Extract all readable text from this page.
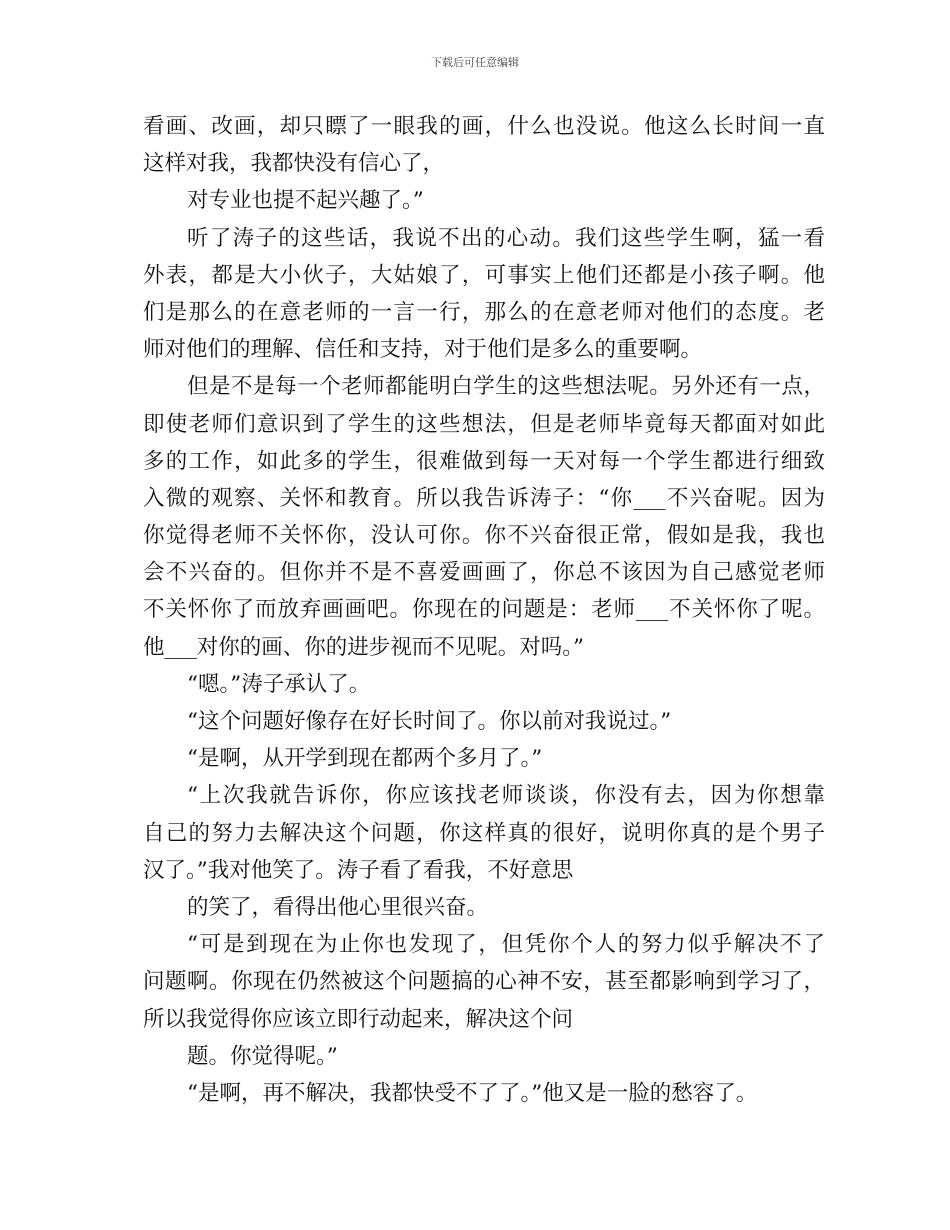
下载后可任意编辑
看画、改画，却只瞟了一眼我的画，什么也没说。他这么长时间一直
这样对我，我都快没有信心了，
对专业也提不起兴趣了。”
听了涛子的这些话，我说不出的心动。我们这些学生啊，猛一看
外表，都是大小伙子，大姑娘了，可事实上他们还都是小孩子啊。他
们是那么的在意老师的一言一行，那么的在意老师对他们的态度。老
师对他们的理解、信任和支持，对于他们是多么的重要啊。
但是不是每一个老师都能明白学生的这些想法呢。另外还有一点，
即使老师们意识到了学生的这些想法，但是老师毕竟每天都面对如此
多的工作，如此多的学生，很难做到每一天对每一个学生都进行细致
入微的观察、关怀和教育。所以我告诉涛子：“你___不兴奋呢。因为
你觉得老师不关怀你，没认可你。你不兴奋很正常，假如是我，我也
会不兴奋的。但你并不是不喜爱画画了，你总不该因为自己感觉老师
不关怀你了而放弃画画吧。你现在的问题是：老师___不关怀你了呢。
他___对你的画、你的进步视而不见呢。对吗。”
“嗯。”涛子承认了。
“这个问题好像存在好长时间了。你以前对我说过。”
“是啊，从开学到现在都两个多月了。”
“上次我就告诉你，你应该找老师谈谈，你没有去，因为你想靠
自己的努力去解决这个问题，你这样真的很好，说明你真的是个男子
汉了。”我对他笑了。涛子看了看我，不好意思
的笑了，看得出他心里很兴奋。
“可是到现在为止你也发现了，但凭你个人的努力似乎解决不了
问题啊。你现在仍然被这个问题搞的心神不安，甚至都影响到学习了，
所以我觉得你应该立即行动起来，解决这个问
题。你觉得呢。”
“是啊，再不解决，我都快受不了了。”他又是一脸的愁容了。
